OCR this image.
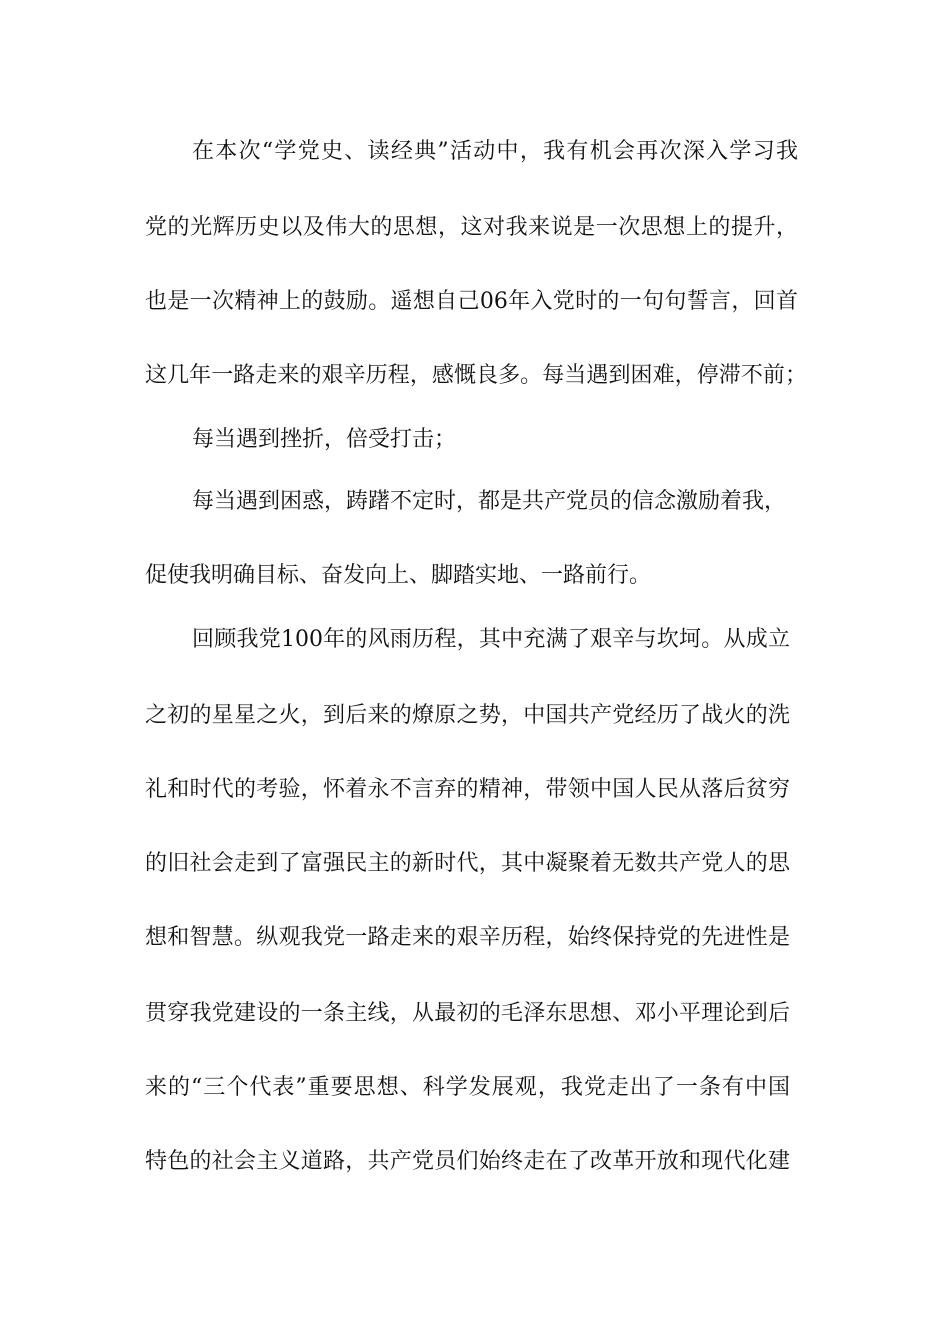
在本次“学党史、读经典”活动中，我有机会再次深入学习我
党的光辉历史以及伟大的思想，这对我来说是一次思想上的提升，
也是一次精神上的鼓励。遥想自己06年入党时的一句句誓言，回首
这几年一路走来的艰辛历程，感慨良多。每当遇到困难，停滞不前；
每当遇到挫折，倍受打击；
每当遇到困惑，踌躇不定时，都是共产党员的信念激励着我，
促使我明确目标、奋发向上、脚踏实地、一路前行。
回顾我党100年的风雨历程，其中充满了艰辛与坎坷。从成立
之初的星星之火，到后来的燎原之势，中国共产党经历了战火的洗
礼和时代的考验，怀着永不言弃的精神，带领中国人民从落后贫穷
的旧社会走到了富强民主的新时代，其中凝聚着无数共产党人的思
想和智慧。纵观我党一路走来的艰辛历程，始终保持党的先进性是
贯穿我党建设的一条主线，从最初的毛泽东思想、邓小平理论到后
来的“三个代表”重要思想、科学发展观，我党走出了一条有中国
特色的社会主义道路，共产党员们始终走在了改革开放和现代化建
